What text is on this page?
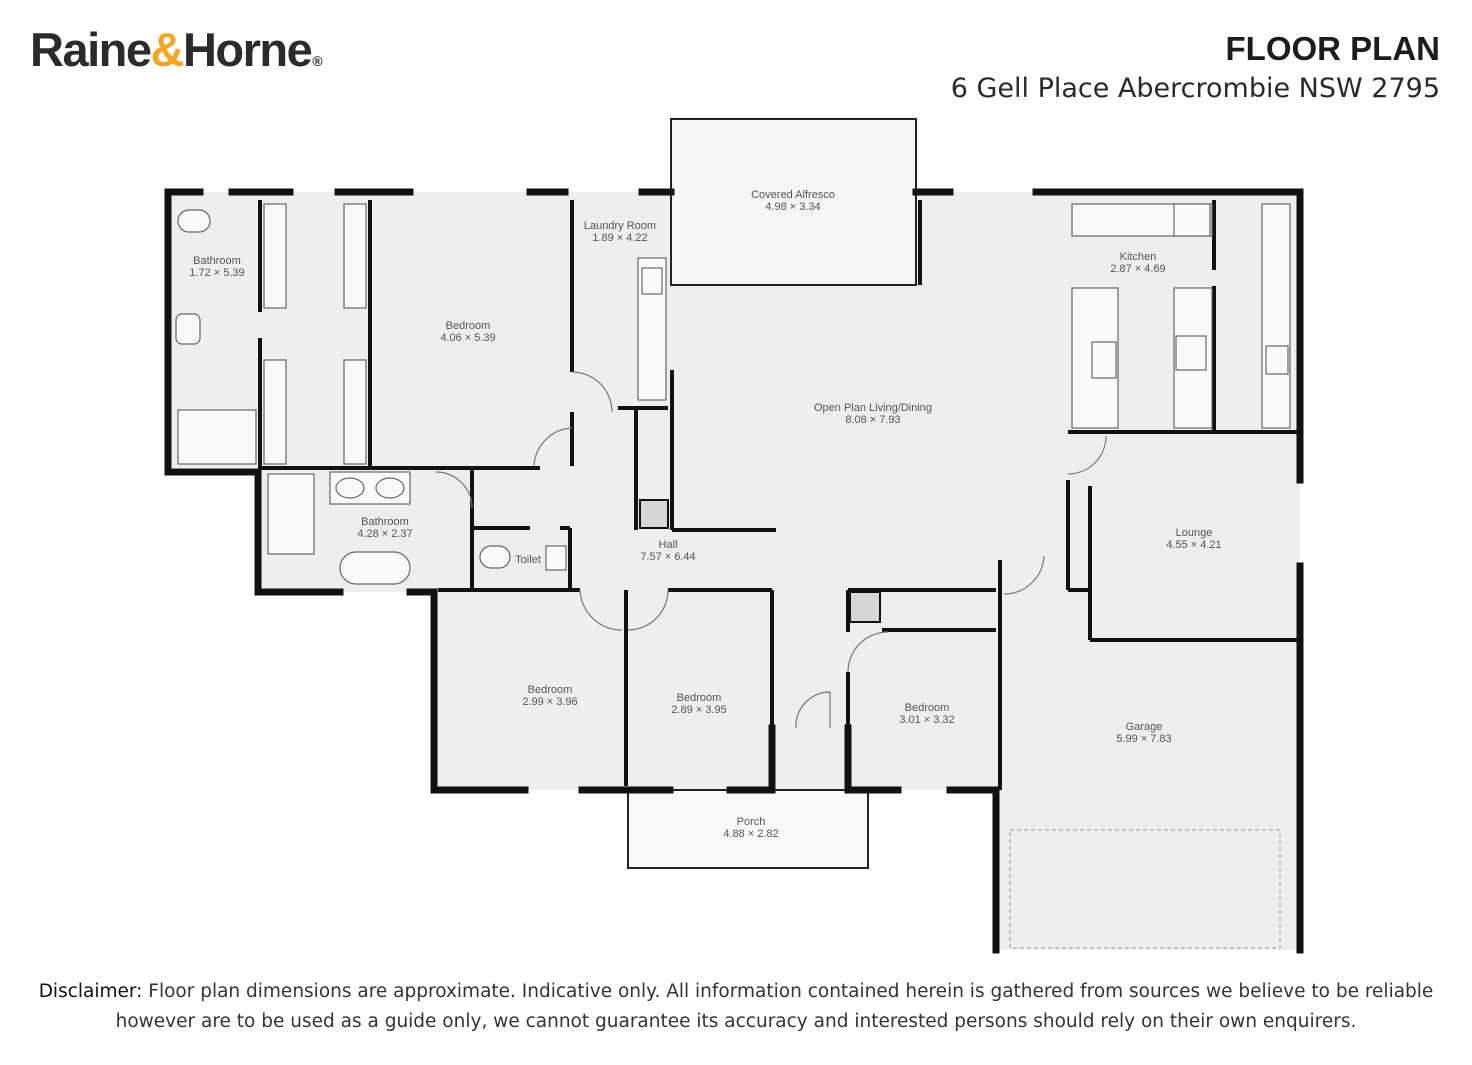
Raine&Horne®	FLOOR PLAN
6 Gell Place Abercrombie NSW 2795
Bathroom
1.72 × 5.39
Bedroom
4.06 × 5.39
Laundry Room
1.89 × 4.22
Covered Alfresco
4.98 × 3.34
Kitchen
2.87 × 4.69
Open Plan Living/Dining
8.08 × 7.93
Bathroom
4.28 × 2.37
Toilet
Hall
7.57 × 6.44
Lounge
4.55 × 4.21
Bedroom
2.99 × 3.96	Bedroom
2.89 × 3.95	Bedroom
3.01 × 3.32
Garage
5.99 × 7.83
Porch
4.88 × 2.82
Disclaimer: Floor plan dimensions are approximate. Indicative only. All information contained herein is gathered from sources we believe to be reliable
however are to be used as a guide only, we cannot guarantee its accuracy and interested persons should rely on their own enquirers.
